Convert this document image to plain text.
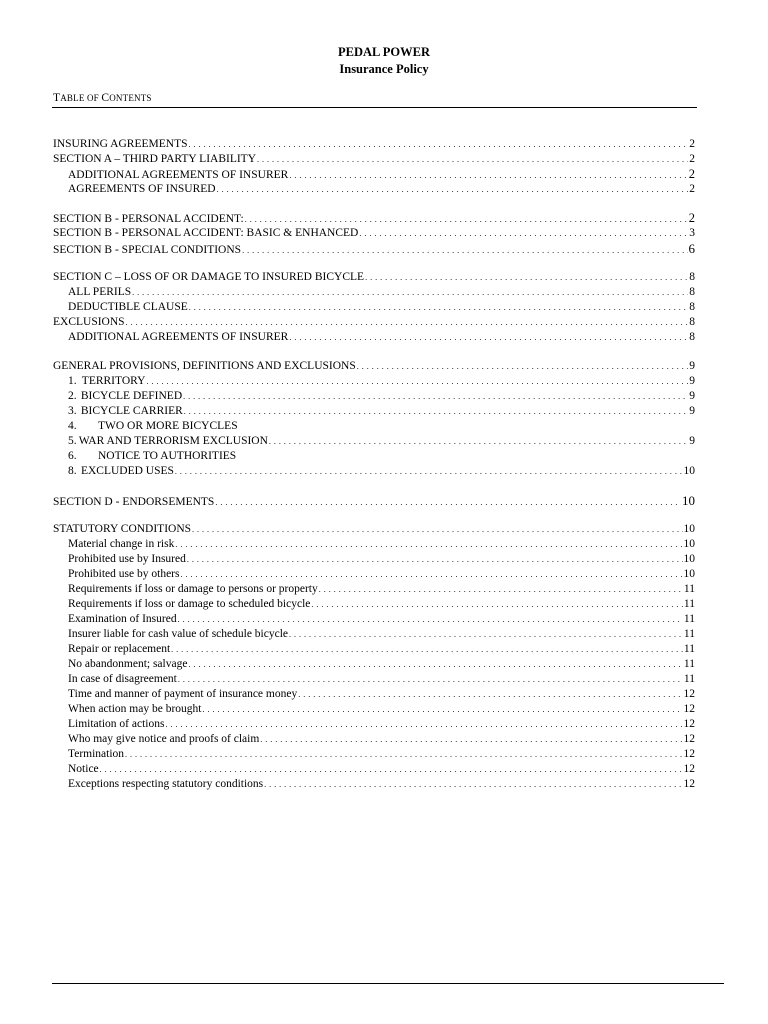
PEDAL POWER
Insurance Policy
TABLE OF CONTENTS
INSURING AGREEMENTS . . .	2
SECTION A – THIRD PARTY LIABILITY . . .	2
ADDITIONAL AGREEMENTS OF INSURER . . .	2
AGREEMENTS OF INSURED . . .	2
SECTION B - PERSONAL ACCIDENT: . . .	2
SECTION B - PERSONAL ACCIDENT: BASIC & ENHANCED . . .	3
SECTION B - SPECIAL CONDITIONS . . .	6
SECTION C – LOSS OF OR DAMAGE TO INSURED BICYCLE . . .	8
ALL PERILS . . .	8
DEDUCTIBLE CLAUSE . . .	8
EXCLUSIONS . . .	8
ADDITIONAL AGREEMENTS OF INSURER . . .	8
GENERAL PROVISIONS, DEFINITIONS AND EXCLUSIONS . . .	9
1. TERRITORY . . .	9
2. BICYCLE DEFINED . . .	9
3. BICYCLE CARRIER . . .	9
4.	TWO OR MORE BICYCLES
5. WAR AND TERRORISM EXCLUSION . . .	9
6.	NOTICE TO AUTHORITIES
8. EXCLUDED USES . . .	10
SECTION D - ENDORSEMENTS . . .	10
STATUTORY CONDITIONS . . .	10
Material change in risk . . .	10
Prohibited use by Insured . . .	10
Prohibited use by others . . .	10
Requirements if loss or damage to persons or property . . .	11
Requirements if loss or damage to scheduled bicycle . . .	11
Examination of Insured . . .	11
Insurer liable for cash value of schedule bicycle . . .	11
Repair or replacement . . .	11
No abandonment; salvage . . .	11
In case of disagreement . . .	11
Time and manner of payment of insurance money . . .	12
When action may be brought . . .	12
Limitation of actions . . .	12
Who may give notice and proofs of claim . . .	12
Termination . . .	12
Notice . . .	12
Exceptions respecting statutory conditions . . .	12
